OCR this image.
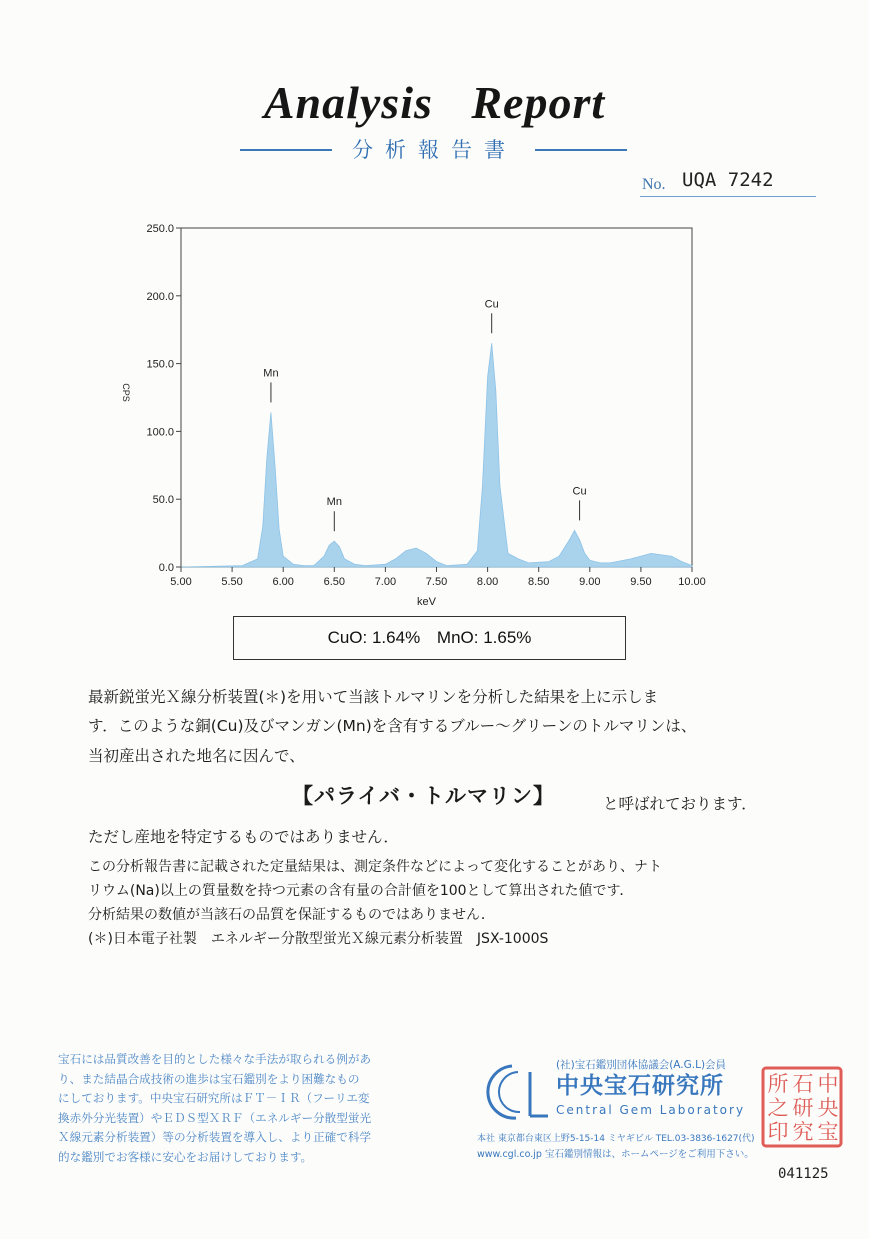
Analysis Report
分析報告書
No. UQA 7242
0.0
50.0
100.0
150.0
200.0
250.0
5.00	5.50	6.00	6.50	7.00	7.50	8.00	8.50	9.00	9.50 10.00
keV
CPS
Mn
Mn
Cu
Cu
CuO: 1.64% MnO: 1.65%
最新鋭蛍光Ｘ線分析装置(＊)を用いて当該トルマリンを分析した結果を上に示しま
す．このような銅(Cu)及びマンガン(Mn)を含有するブルー～グリーンのトルマリンは、
当初産出された地名に因んで、
【パライバ・トルマリン】	と呼ばれております．
ただし産地を特定するものではありません．
この分析報告書に記載された定量結果は、測定条件などによって変化することがあり、ナト
リウム(Na)以上の質量数を持つ元素の含有量の合計値を100として算出された値です．
分析結果の数値が当該石の品質を保証するものではありません．
(＊)日本電子社製　エネルギー分散型蛍光Ｘ線元素分析装置　JSX-1000S
宝石には品質改善を目的とした様々な手法が取られる例があ
り、また結晶合成技術の進歩は宝石鑑別をより困難なもの
にしております。中央宝石研究所はＦＴ－ＩＲ（フーリエ変
換赤外分光装置）やＥＤＳ型ＸＲＦ（エネルギー分散型蛍光
Ｘ線元素分析装置）等の分析装置を導入し、より正確で科学
的な鑑別でお客様に安心をお届けしております。
CGL
(社)宝石鑑別団体協議会(A.G.L)会員
中央宝石研究所
Central Gem Laboratory
本社 東京都台東区上野5-15-14 ミヤギビル TEL.03-3836-1627(代)
www.cgl.co.jp 宝石鑑別情報は、ホームページをご利用下さい。
中
央
宝
石
研
究
所
之
印
041125
